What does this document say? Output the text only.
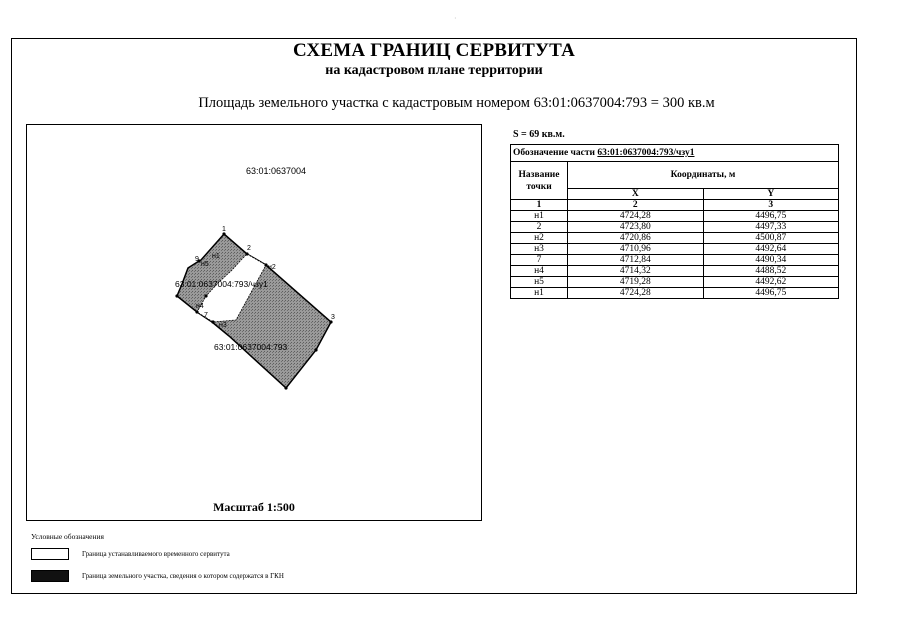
·
СХЕМА ГРАНИЦ СЕРВИТУТА
на кадастровом плане территории
Площадь земельного участка с кадастровым номером 63:01:0637004:793 = 300 кв.м
1
2
н2
3
9
н4
7
н3
н5
н1
63:01:0637004:793/чзу1
63:01:0637004:793
63:01:0637004
Масштаб 1:500
S = 69 кв.м.
Обозначение части 63:01:0637004:793/чзу1		
Название точки	Координаты, м	
	X	Y
1	2	3
н1	4724,28	4496,75
2	4723,80	4497,33
н2	4720,86	4500,87
н3	4710,96	4492,64
7	4712,84	4490,34
н4	4714,32	4488,52
н5	4719,28	4492,62
н1	4724,28	4496,75
Условные обозначения
Граница устанавливаемого временного сервитута
Граница земельного участка, сведения о котором содержатся в ГКН
